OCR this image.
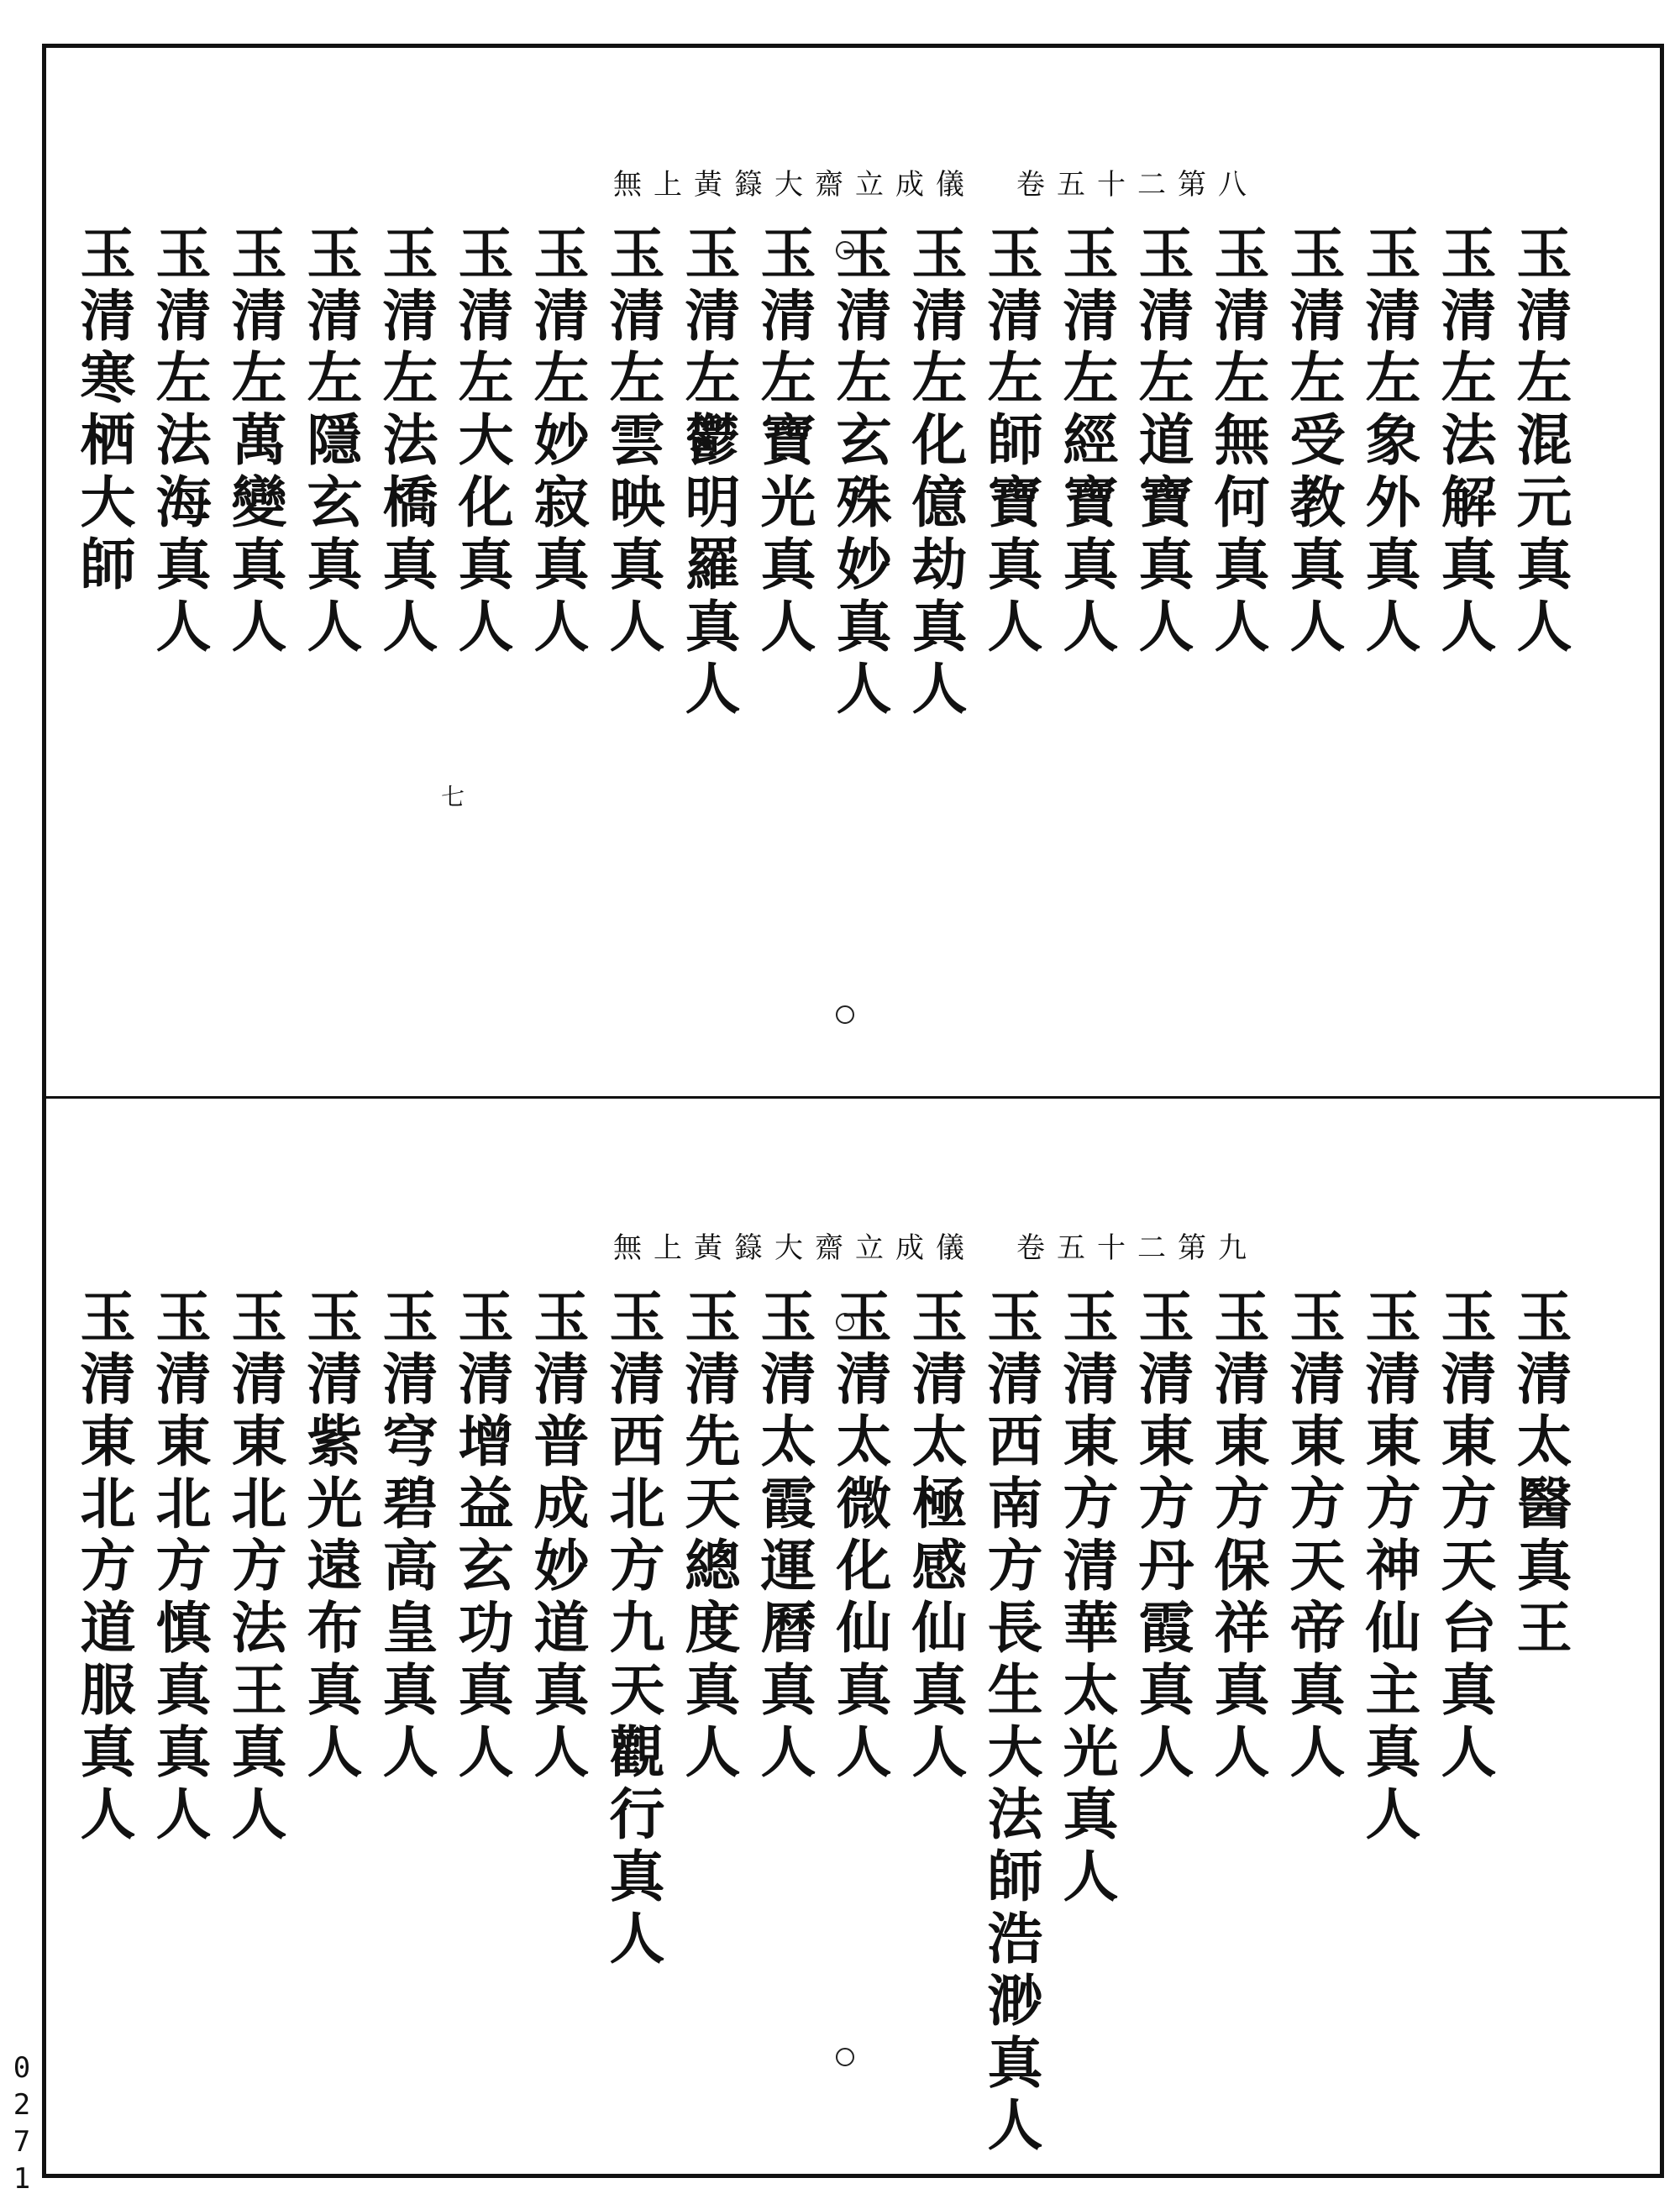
無上黃籙大齋立成儀　卷五十二第八
玉清左混元真人
玉清左法解真人
玉清左象外真人
玉清左受教真人
玉清左無何真人
玉清左道寶真人
玉清左經寶真人
玉清左師寶真人
玉清左化億劫真人
玉清左玄殊妙真人
玉清左寶光真人
玉清左鬱明羅真人
玉清左雲映真人
玉清左妙寂真人
玉清左大化真人
玉清左法橋真人
玉清左隱玄真人
玉清左萬變真人
玉清左法海真人
玉清寒栖大師
七
無上黃籙大齋立成儀　卷五十二第九
玉清太醫真王
玉清東方天台真人
玉清東方神仙主真人
玉清東方天帝真人
玉清東方保祥真人
玉清東方丹霞真人
玉清東方清華太光真人
玉清西南方長生大法師浩渺真人
玉清太極感仙真人
玉清太微化仙真人
玉清太霞運曆真人
玉清先天總度真人
玉清西北方九天觀行真人
玉清普成妙道真人
玉清增益玄功真人
玉清穹碧高皇真人
玉清紫光遠布真人
玉清東北方法王真人
玉清東北方慎真真人
玉清東北方道服真人
0271
